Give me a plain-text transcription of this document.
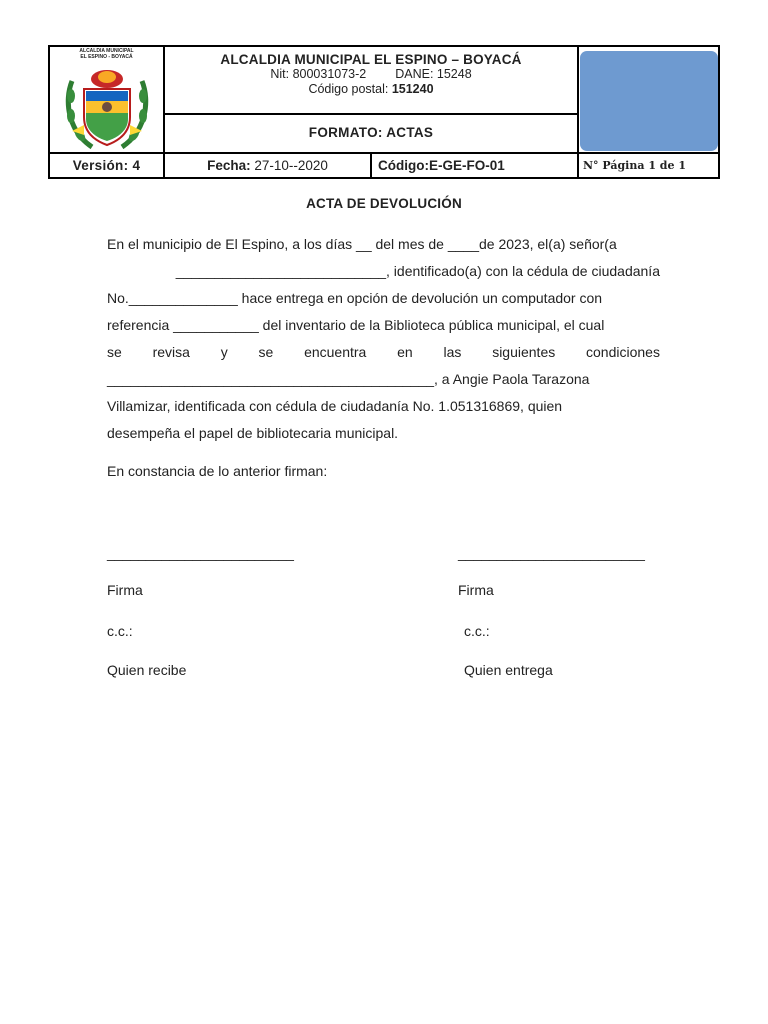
ALCALDIA MUNICIPAL
EL ESPINO - BOYACÁ	ALCALDIA MUNICIPAL EL ESPINO – BOYACÁ
Nit: 800031073-2 DANE: 15248
Código postal: 151240
FORMATO: ACTAS
Versión: 4	Fecha: 27-10--2020	Código:E-GE-FO-01	N° Página 1 de 1
ACTA DE DEVOLUCIÓN
En el municipio de El Espino, a los días __ del mes de ____de 2023, el(a) señor(a
___________________________, identificado(a) con la cédula de ciudadanía
No.______________ hace entrega en opción de devolución un computador con
referencia ___________ del inventario de la Biblioteca pública municipal, el cual
se revisa y se encuentra en las siguientes condiciones
__________________________________________, a Angie Paola Tarazona
Villamizar, identificada con cédula de ciudadanía No. 1.051316869, quien
desempeña el papel de bibliotecaria municipal.
En constancia de lo anterior firman:
________________________
Firma
c.c.:
Quien recibe
________________________
Firma
c.c.:
Quien entrega
